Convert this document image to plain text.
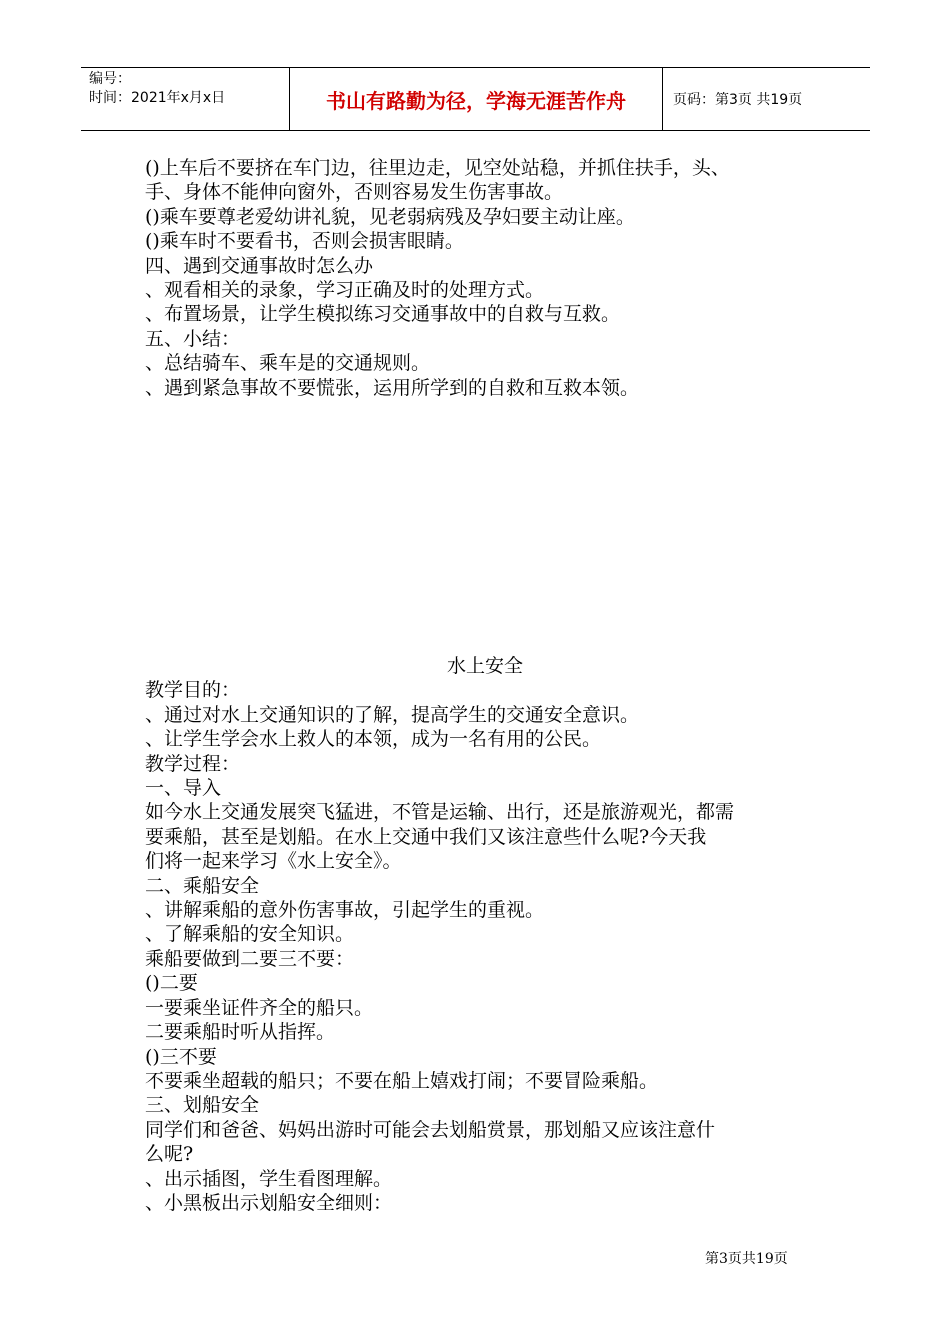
编号：
时间：2021年x月x日	书山有路勤为径，学海无涯苦作舟	页码：第3页 共19页

()上车后不要挤在车门边，往里边走，见空处站稳，并抓住扶手，头、

手、身体不能伸向窗外，否则容易发生伤害事故。

()乘车要尊老爱幼讲礼貌，见老弱病残及孕妇要主动让座。

()乘车时不要看书，否则会损害眼睛。

四、遇到交通事故时怎么办

、观看相关的录象，学习正确及时的处理方式。

、布置场景，让学生模拟练习交通事故中的自救与互救。

五、小结：

、总结骑车、乘车是的交通规则。

、遇到紧急事故不要慌张，运用所学到的自救和互救本领。

水上安全

教学目的：

、通过对水上交通知识的了解，提高学生的交通安全意识。

、让学生学会水上救人的本领，成为一名有用的公民。

教学过程：

一、导入

如今水上交通发展突飞猛进，不管是运输、出行，还是旅游观光，都需

要乘船，甚至是划船。在水上交通中我们又该注意些什么呢?今天我

们将一起来学习《水上安全》。

二、乘船安全

、讲解乘船的意外伤害事故，引起学生的重视。

、了解乘船的安全知识。

乘船要做到二要三不要：

()二要

一要乘坐证件齐全的船只。

二要乘船时听从指挥。

()三不要

不要乘坐超载的船只；不要在船上嬉戏打闹；不要冒险乘船。

三、划船安全

同学们和爸爸、妈妈出游时可能会去划船赏景，那划船又应该注意什

么呢?

、出示插图，学生看图理解。

、小黑板出示划船安全细则：

第3页共19页
